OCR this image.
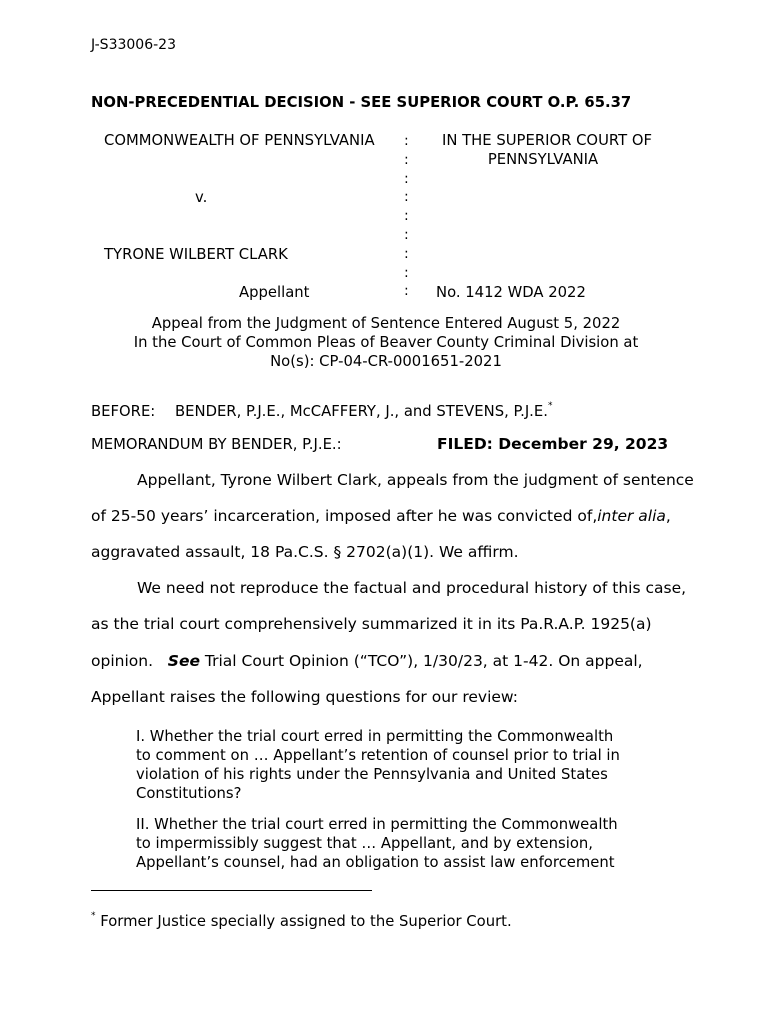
J-S33006-23
NON-PRECEDENTIAL DECISION - SEE SUPERIOR COURT O.P. 65.37
COMMONWEALTH OF PENNSYLVANIA
v.
TYRONE WILBERT CLARK
Appellant
:
:
:
:
:
:
:
:
:
IN THE SUPERIOR COURT OF
PENNSYLVANIA
No. 1412 WDA 2022
Appeal from the Judgment of Sentence Entered August 5, 2022
In the Court of Common Pleas of Beaver County Criminal Division at
No(s): CP-04-CR-0001651-2021
BEFORE: BENDER, P.J.E., McCAFFERY, J., and STEVENS, P.J.E.*
MEMORANDUM BY BENDER, P.J.E.:	FILED: December 29, 2023
Appellant, Tyrone Wilbert Clark, appeals from the judgment of sentence
of 25-50 years’ incarceration, imposed after he was convicted of, inter alia,
aggravated assault, 18 Pa.C.S. § 2702(a)(1). We affirm.
We need not reproduce the factual and procedural history of this case,
as the trial court comprehensively summarized it in its Pa.R.A.P. 1925(a)
opinion. See Trial Court Opinion (“TCO”), 1/30/23, at 1-42. On appeal,
Appellant raises the following questions for our review:
I. Whether the trial court erred in permitting the Commonwealth
to comment on … Appellant’s retention of counsel prior to trial in
violation of his rights under the Pennsylvania and United States
Constitutions?
II. Whether the trial court erred in permitting the Commonwealth
to impermissibly suggest that … Appellant, and by extension,
Appellant’s counsel, had an obligation to assist law enforcement
* Former Justice specially assigned to the Superior Court.
